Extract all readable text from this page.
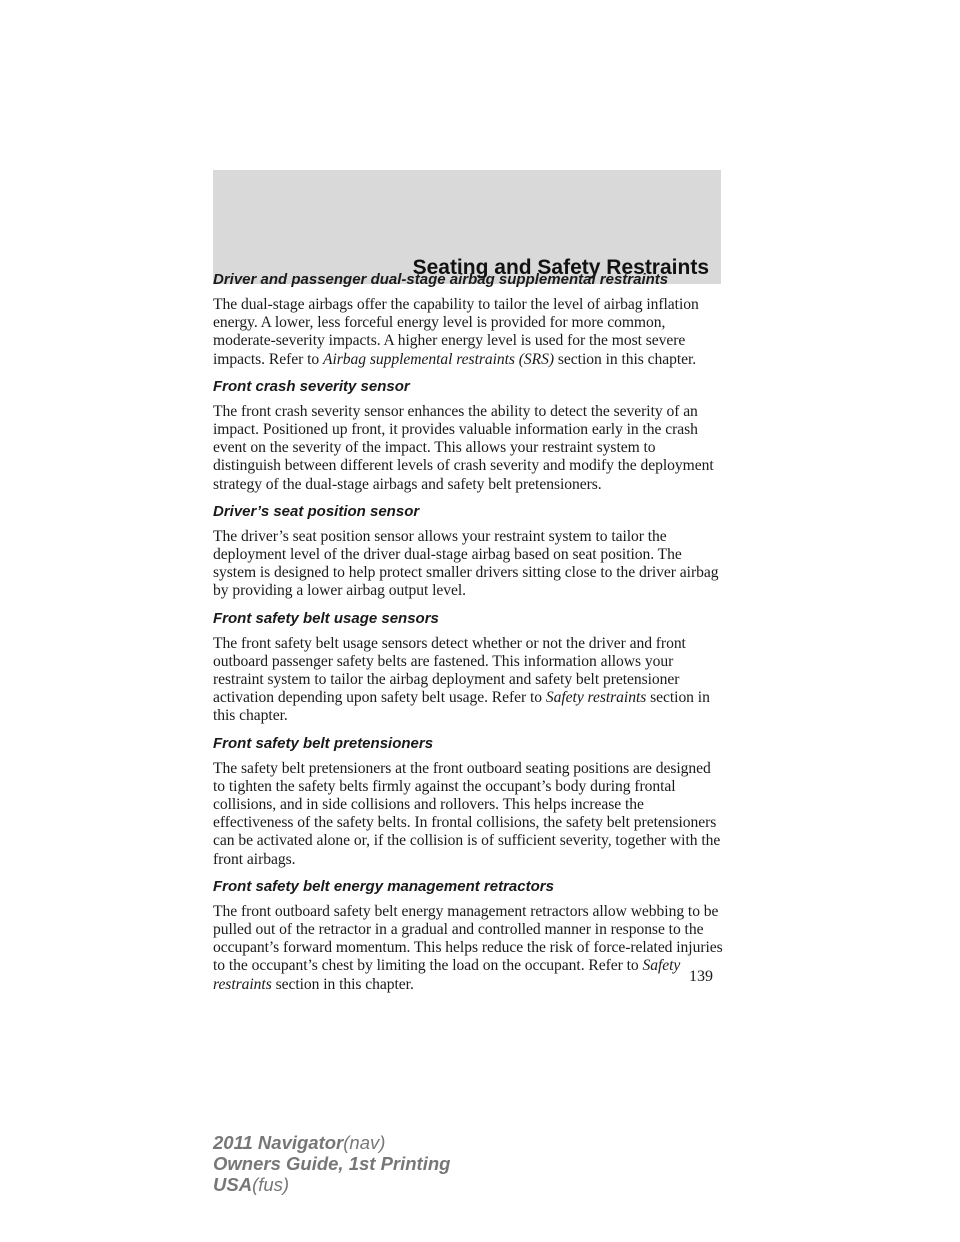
Seating and Safety Restraints
Driver and passenger dual-stage airbag supplemental restraints

The dual-stage airbags offer the capability to tailor the level of airbag inflation energy. A lower, less forceful energy level is provided for more common, moderate-severity impacts. A higher energy level is used for the most severe impacts. Refer to Airbag supplemental restraints (SRS) section in this chapter.

Front crash severity sensor

The front crash severity sensor enhances the ability to detect the severity of an impact. Positioned up front, it provides valuable information early in the crash event on the severity of the impact. This allows your restraint system to distinguish between different levels of crash severity and modify the deployment strategy of the dual-stage airbags and safety belt pretensioners.

Driver’s seat position sensor

The driver’s seat position sensor allows your restraint system to tailor the deployment level of the driver dual-stage airbag based on seat position. The system is designed to help protect smaller drivers sitting close to the driver airbag by providing a lower airbag output level.

Front safety belt usage sensors

The front safety belt usage sensors detect whether or not the driver and front outboard passenger safety belts are fastened. This information allows your restraint system to tailor the airbag deployment and safety belt pretensioner activation depending upon safety belt usage. Refer to Safety restraints section in this chapter.

Front safety belt pretensioners

The safety belt pretensioners at the front outboard seating positions are designed to tighten the safety belts firmly against the occupant’s body during frontal collisions, and in side collisions and rollovers. This helps increase the effectiveness of the safety belts. In frontal collisions, the safety belt pretensioners can be activated alone or, if the collision is of sufficient severity, together with the front airbags.

Front safety belt energy management retractors

The front outboard safety belt energy management retractors allow webbing to be pulled out of the retractor in a gradual and controlled manner in response to the occupant’s forward momentum. This helps reduce the risk of force-related injuries to the occupant’s chest by limiting the load on the occupant. Refer to Safety restraints section in this chapter.	139
2011 Navigator(nav)
Owners Guide, 1st Printing
USA(fus)
